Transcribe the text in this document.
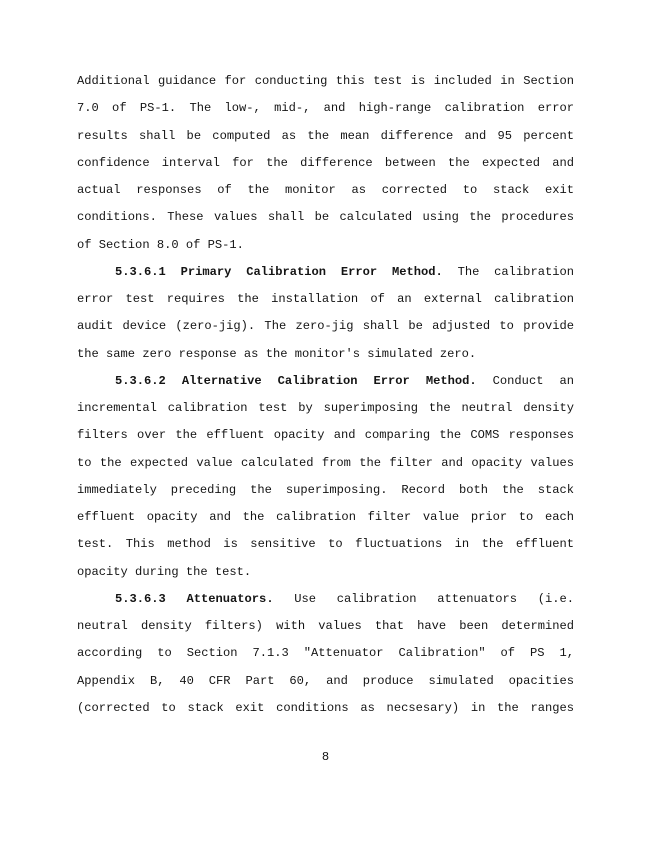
Additional guidance for conducting this test is included in Section
7.0 of PS-1. The low-, mid-, and high-range calibration error
results shall be computed as the mean difference and 95 percent
confidence interval for the difference between the expected and
actual responses of the monitor as corrected to stack exit
conditions. These values shall be calculated using the procedures
of Section 8.0 of PS-1.
5.3.6.1 Primary Calibration Error Method. The calibration
error test requires the installation of an external calibration
audit device (zero-jig). The zero-jig shall be adjusted to provide
the same zero response as the monitor's simulated zero.
5.3.6.2 Alternative Calibration Error Method. Conduct an
incremental calibration test by superimposing the neutral density
filters over the effluent opacity and comparing the COMS responses
to the expected value calculated from the filter and opacity values
immediately preceding the superimposing. Record both the stack
effluent opacity and the calibration filter value prior to each
test. This method is sensitive to fluctuations in the effluent
opacity during the test.
5.3.6.3 Attenuators. Use calibration attenuators (i.e.
neutral density filters) with values that have been determined
according to Section 7.1.3 "Attenuator Calibration" of PS 1,
Appendix B, 40 CFR Part 60, and produce simulated opacities
(corrected to stack exit conditions as necsesary) in the ranges
8
